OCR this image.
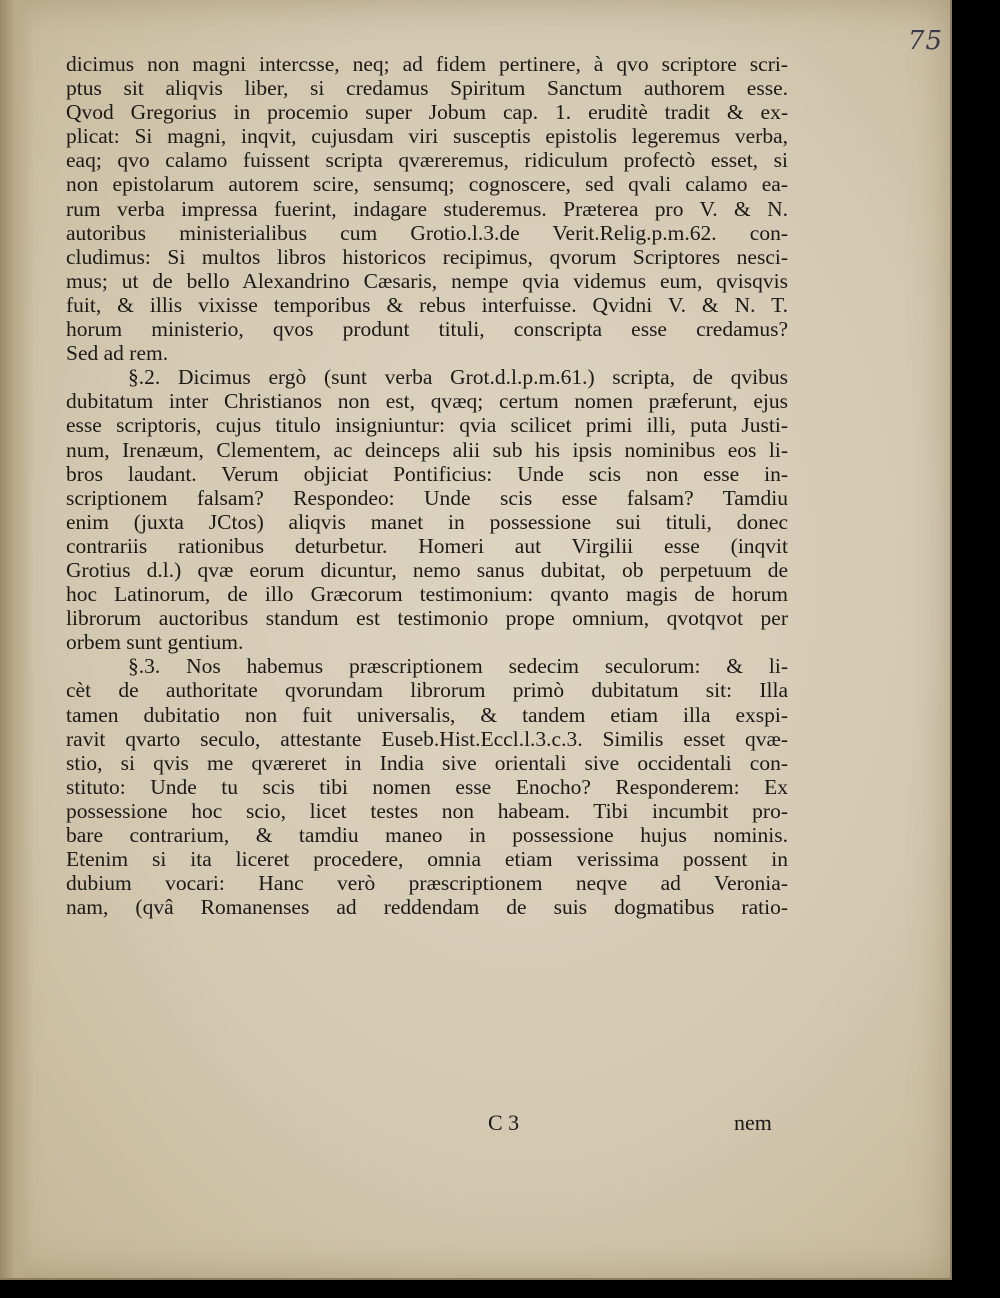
75
dicimus non magni intercsse, neq; ad fidem pertinere, à qvo scriptore scri-
ptus sit aliqvis liber, si credamus Spiritum Sanctum authorem esse.
Qvod Gregorius in procemio super Jobum cap. 1. eruditè tradit & ex-
plicat: Si magni, inqvit, cujusdam viri susceptis epistolis legeremus verba,
eaq; qvo calamo fuissent scripta qværeremus, ridiculum profectò esset, si
non epistolarum autorem scire, sensumq; cognoscere, sed qvali calamo ea-
rum verba impressa fuerint, indagare studeremus. Præterea pro V. & N.
autoribus ministerialibus cum Grotio.l.3.de Verit.Relig.p.m.62. con-
cludimus: Si multos libros historicos recipimus, qvorum Scriptores nesci-
mus; ut de bello Alexandrino Cæsaris, nempe qvia videmus eum, qvisqvis
fuit, & illis vixisse temporibus & rebus interfuisse. Qvidni V. & N. T.
horum ministerio, qvos produnt tituli, conscripta esse credamus?
Sed ad rem.
§.2. Dicimus ergò (sunt verba Grot.d.l.p.m.61.) scripta, de qvibus
dubitatum inter Christianos non est, qvæq; certum nomen præferunt, ejus
esse scriptoris, cujus titulo insigniuntur: qvia scilicet primi illi, puta Justi-
num, Irenæum, Clementem, ac deinceps alii sub his ipsis nominibus eos li-
bros laudant. Verum objiciat Pontificius: Unde scis non esse in-
scriptionem falsam? Respondeo: Unde scis esse falsam? Tamdiu
enim (juxta JCtos) aliqvis manet in possessione sui tituli, donec
contrariis rationibus deturbetur. Homeri aut Virgilii esse (inqvit
Grotius d.l.) qvæ eorum dicuntur, nemo sanus dubitat, ob perpetuum de
hoc Latinorum, de illo Græcorum testimonium: qvanto magis de horum
librorum auctoribus standum est testimonio prope omnium, qvotqvot per
orbem sunt gentium.
§.3. Nos habemus præscriptionem sedecim seculorum: & li-
cèt de authoritate qvorundam librorum primò dubitatum sit: Illa
tamen dubitatio non fuit universalis, & tandem etiam illa exspi-
ravit qvarto seculo, attestante Euseb.Hist.Eccl.l.3.c.3. Similis esset qvæ-
stio, si qvis me qværeret in India sive orientali sive occidentali con-
stituto: Unde tu scis tibi nomen esse Enocho? Responderem: Ex
possessione hoc scio, licet testes non habeam. Tibi incumbit pro-
bare contrarium, & tamdiu maneo in possessione hujus nominis.
Etenim si ita liceret procedere, omnia etiam verissima possent in
dubium vocari: Hanc verò præscriptionem neqve ad Veronia-
nam, (qvâ Romanenses ad reddendam de suis dogmatibus ratio-
C 3	nem
